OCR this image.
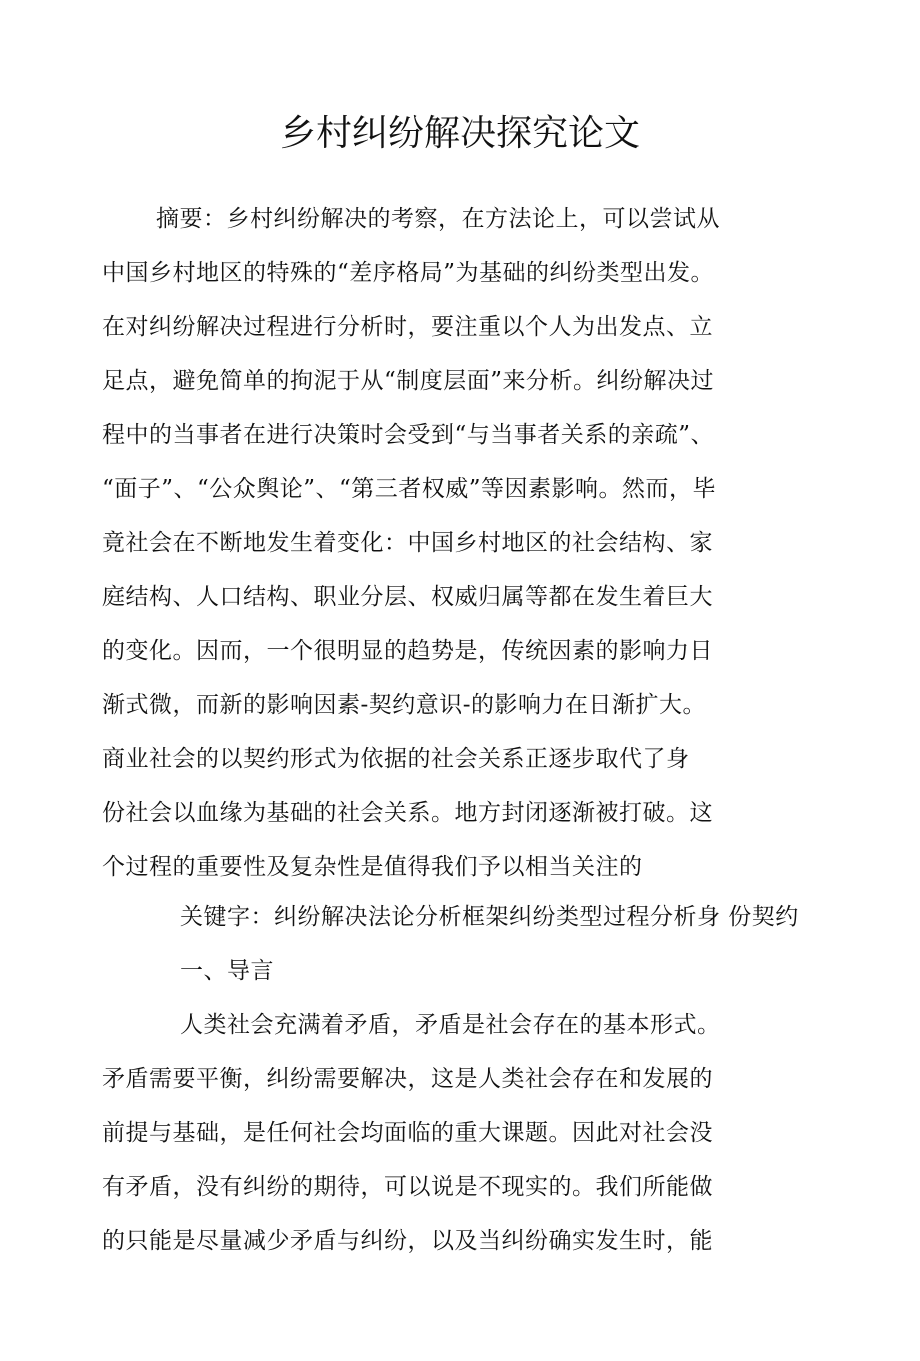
乡村纠纷解决探究论文
摘要：乡村纠纷解决的考察，在方法论上，可以尝试从
中国乡村地区的特殊的“差序格局”为基础的纠纷类型出发。
在对纠纷解决过程进行分析时，要注重以个人为出发点、立
足点，避免简单的拘泥于从“制度层面”来分析。纠纷解决过
程中的当事者在进行决策时会受到“与当事者关系的亲疏”、
“面子”、“公众舆论”、“第三者权威”等因素影响。然而，毕
竟社会在不断地发生着变化：中国乡村地区的社会结构、家
庭结构、人口结构、职业分层、权威归属等都在发生着巨大
的变化。因而，一个很明显的趋势是，传统因素的影响力日
渐式微，而新的影响因素-契约意识-的影响力在日渐扩大。
商业社会的以契约形式为依据的社会关系正逐步取代了身
份社会以血缘为基础的社会关系。地方封闭逐渐被打破。这
个过程的重要性及复杂性是值得我们予以相当关注的
关键字：纠纷解决法论分析框架纠纷类型过程分析身 份契约
一、导言
人类社会充满着矛盾，矛盾是社会存在的基本形式。
矛盾需要平衡，纠纷需要解决，这是人类社会存在和发展的
前提与基础，是任何社会均面临的重大课题。因此对社会没
有矛盾，没有纠纷的期待，可以说是不现实的。我们所能做
的只能是尽量减少矛盾与纠纷，以及当纠纷确实发生时，能
